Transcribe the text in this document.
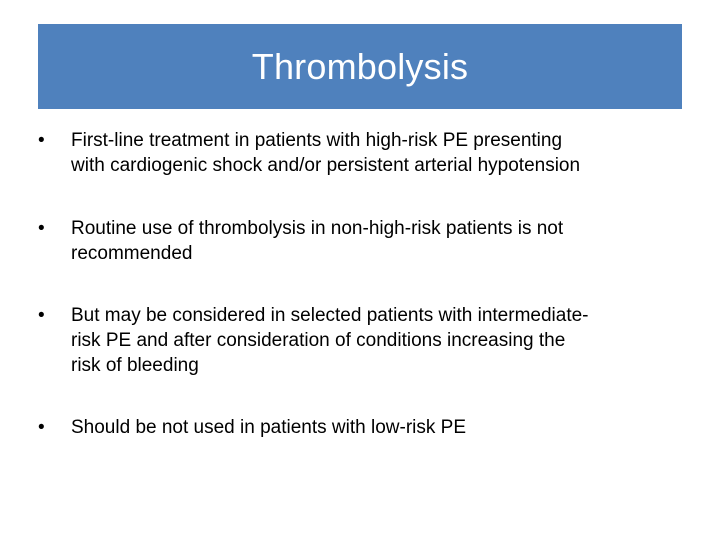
Thrombolysis
•	First-line treatment in patients with high-risk PE presenting
with cardiogenic shock and/or persistent arterial hypotension
•	Routine use of thrombolysis in non-high-risk patients is not
recommended
•	But may be considered in selected patients with intermediate-
risk PE and after consideration of conditions increasing the
risk of bleeding
•	Should be not used in patients with low-risk PE
